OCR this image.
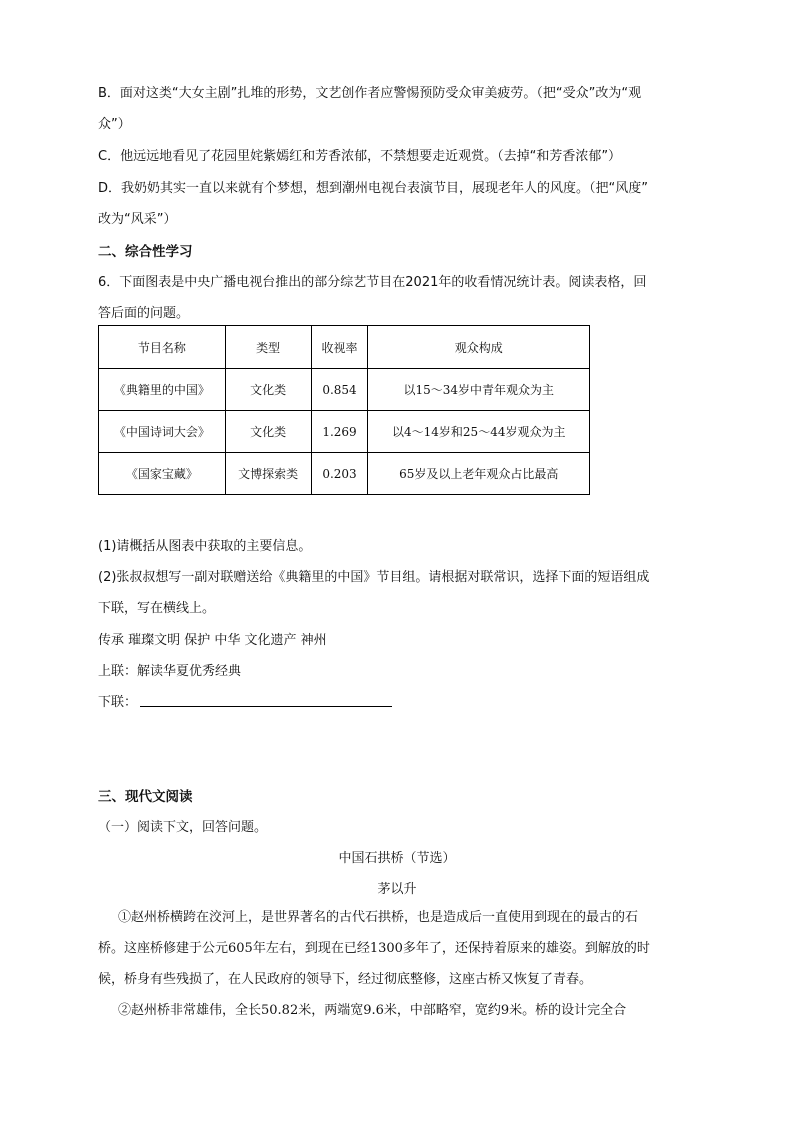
B．面对这类“大女主剧”扎堆的形势，文艺创作者应警惕预防受众审美疲劳。（把“受众”改为“观
众”）
C．他远远地看见了花园里姹紫嫣红和芳香浓郁，不禁想要走近观赏。（去掉“和芳香浓郁”）
D．我奶奶其实一直以来就有个梦想，想到潮州电视台表演节目，展现老年人的风度。（把“风度”
改为“风采”）
二、综合性学习
6．下面图表是中央广播电视台推出的部分综艺节目在2021年的收看情况统计表。阅读表格，回
答后面的问题。
节目名称	类型	收视率	观众构成
《典籍里的中国》	文化类	0.854	以15～34岁中青年观众为主
《中国诗词大会》	文化类	1.269	以4～14岁和25～44岁观众为主
《国家宝藏》	文博探索类	0.203	65岁及以上老年观众占比最高
(1)请概括从图表中获取的主要信息。
(2)张叔叔想写一副对联赠送给《典籍里的中国》节目组。请根据对联常识，选择下面的短语组成
下联，写在横线上。
传承 璀璨文明 保护 中华 文化遗产 神州
上联：解读华夏优秀经典
下联：
三、现代文阅读
（一）阅读下文，回答问题。
中国石拱桥（节选）
茅以升
①赵州桥横跨在洨河上，是世界著名的古代石拱桥，也是造成后一直使用到现在的最古的石
桥。这座桥修建于公元605年左右，到现在已经1300多年了，还保持着原来的雄姿。到解放的时
候，桥身有些残损了，在人民政府的领导下，经过彻底整修，这座古桥又恢复了青春。
②赵州桥非常雄伟，全长50.82米，两端宽9.6米，中部略窄，宽约9米。桥的设计完全合
